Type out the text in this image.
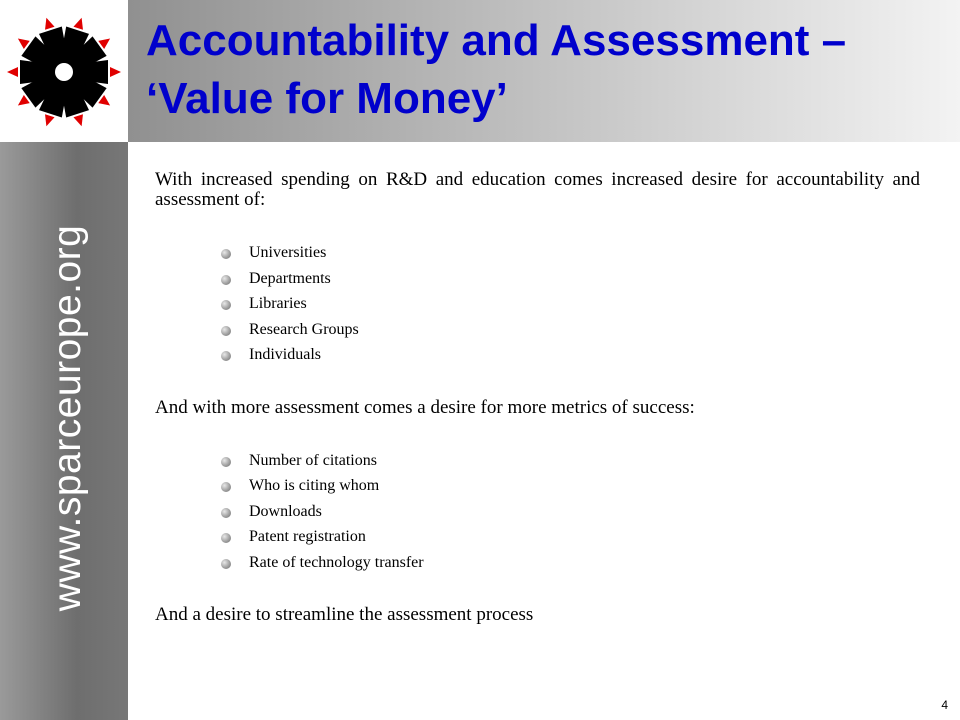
www.sparceurope.org
Accountability and Assessment –
‘Value for Money’

With increased spending on R&D and education comes increased desire for accountability and assessment of:

Universities
Departments
Libraries
Research Groups
Individuals

And with more assessment comes a desire for more metrics of success:

Number of citations
Who is citing whom
Downloads
Patent registration
Rate of technology transfer

And a desire to streamline the assessment process

4
